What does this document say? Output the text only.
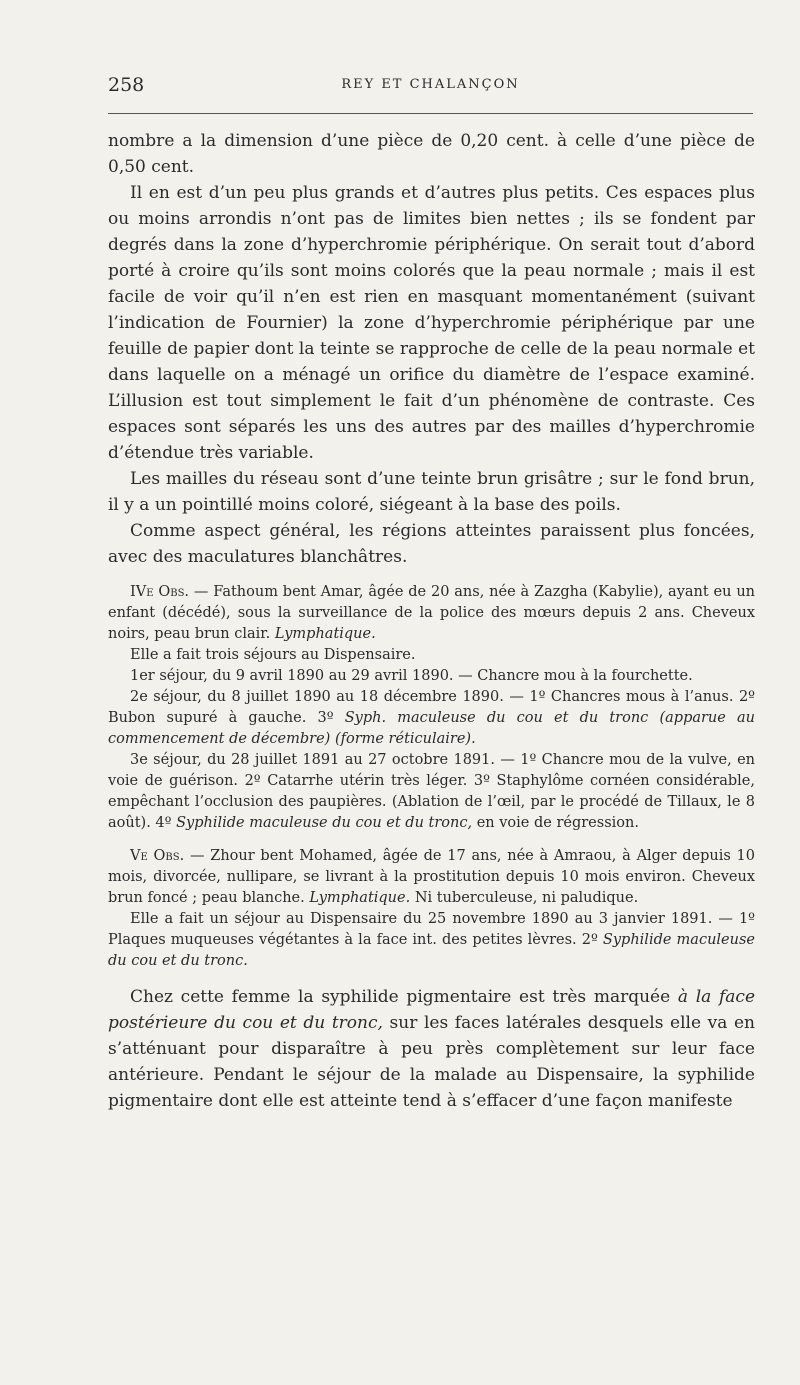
258	REY ET CHALANÇON

nombre a la dimension d’une pièce de 0,20 cent. à celle d’une pièce de 0,50 cent.

Il en est d’un peu plus grands et d’autres plus petits. Ces espaces plus ou moins arrondis n’ont pas de limites bien nettes ; ils se fondent par degrés dans la zone d’hyperchromie périphérique. On serait tout d’abord porté à croire qu’ils sont moins colorés que la peau normale ; mais il est facile de voir qu’il n’en est rien en masquant momentanément (suivant l’indication de Fournier) la zone d’hyperchromie périphérique par une feuille de papier dont la teinte se rapproche de celle de la peau normale et dans laquelle on a ménagé un orifice du diamètre de l’espace examiné. L’illusion est tout simplement le fait d’un phénomène de contraste. Ces espaces sont séparés les uns des autres par des mailles d’hyperchromie d’étendue très variable.

Les mailles du réseau sont d’une teinte brun grisâtre ; sur le fond brun, il y a un pointillé moins coloré, siégeant à la base des poils.

Comme aspect général, les régions atteintes paraissent plus foncées, avec des maculatures blanchâtres.

IVe Obs. — Fathoum bent Amar, âgée de 20 ans, née à Zazgha (Kabylie), ayant eu un enfant (décédé), sous la surveillance de la police des mœurs depuis 2 ans. Cheveux noirs, peau brun clair. Lymphatique.

Elle a fait trois séjours au Dispensaire.

1er séjour, du 9 avril 1890 au 29 avril 1890. — Chancre mou à la fourchette.

2e séjour, du 8 juillet 1890 au 18 décembre 1890. — 1º Chancres mous à l’anus. 2º Bubon supuré à gauche. 3º Syph. maculeuse du cou et du tronc (apparue au commencement de décembre) (forme réticulaire).

3e séjour, du 28 juillet 1891 au 27 octobre 1891. — 1º Chancre mou de la vulve, en voie de guérison. 2º Catarrhe utérin très léger. 3º Staphylôme cornéen considérable, empêchant l’occlusion des paupières. (Ablation de l’œil, par le procédé de Tillaux, le 8 août). 4º Syphilide maculeuse du cou et du tronc, en voie de régression.

Ve Obs. — Zhour bent Mohamed, âgée de 17 ans, née à Amraou, à Alger depuis 10 mois, divorcée, nullipare, se livrant à la prostitution depuis 10 mois environ. Cheveux brun foncé ; peau blanche. Lymphatique. Ni tuberculeuse, ni paludique.

Elle a fait un séjour au Dispensaire du 25 novembre 1890 au 3 janvier 1891. — 1º Plaques muqueuses végétantes à la face int. des petites lèvres. 2º Syphilide maculeuse du cou et du tronc.

Chez cette femme la syphilide pigmentaire est très marquée à la face postérieure du cou et du tronc, sur les faces latérales desquels elle va en s’atténuant pour disparaître à peu près complètement sur leur face antérieure. Pendant le séjour de la malade au Dispensaire, la syphilide pigmentaire dont elle est atteinte tend à s’effacer d’une façon manifeste
